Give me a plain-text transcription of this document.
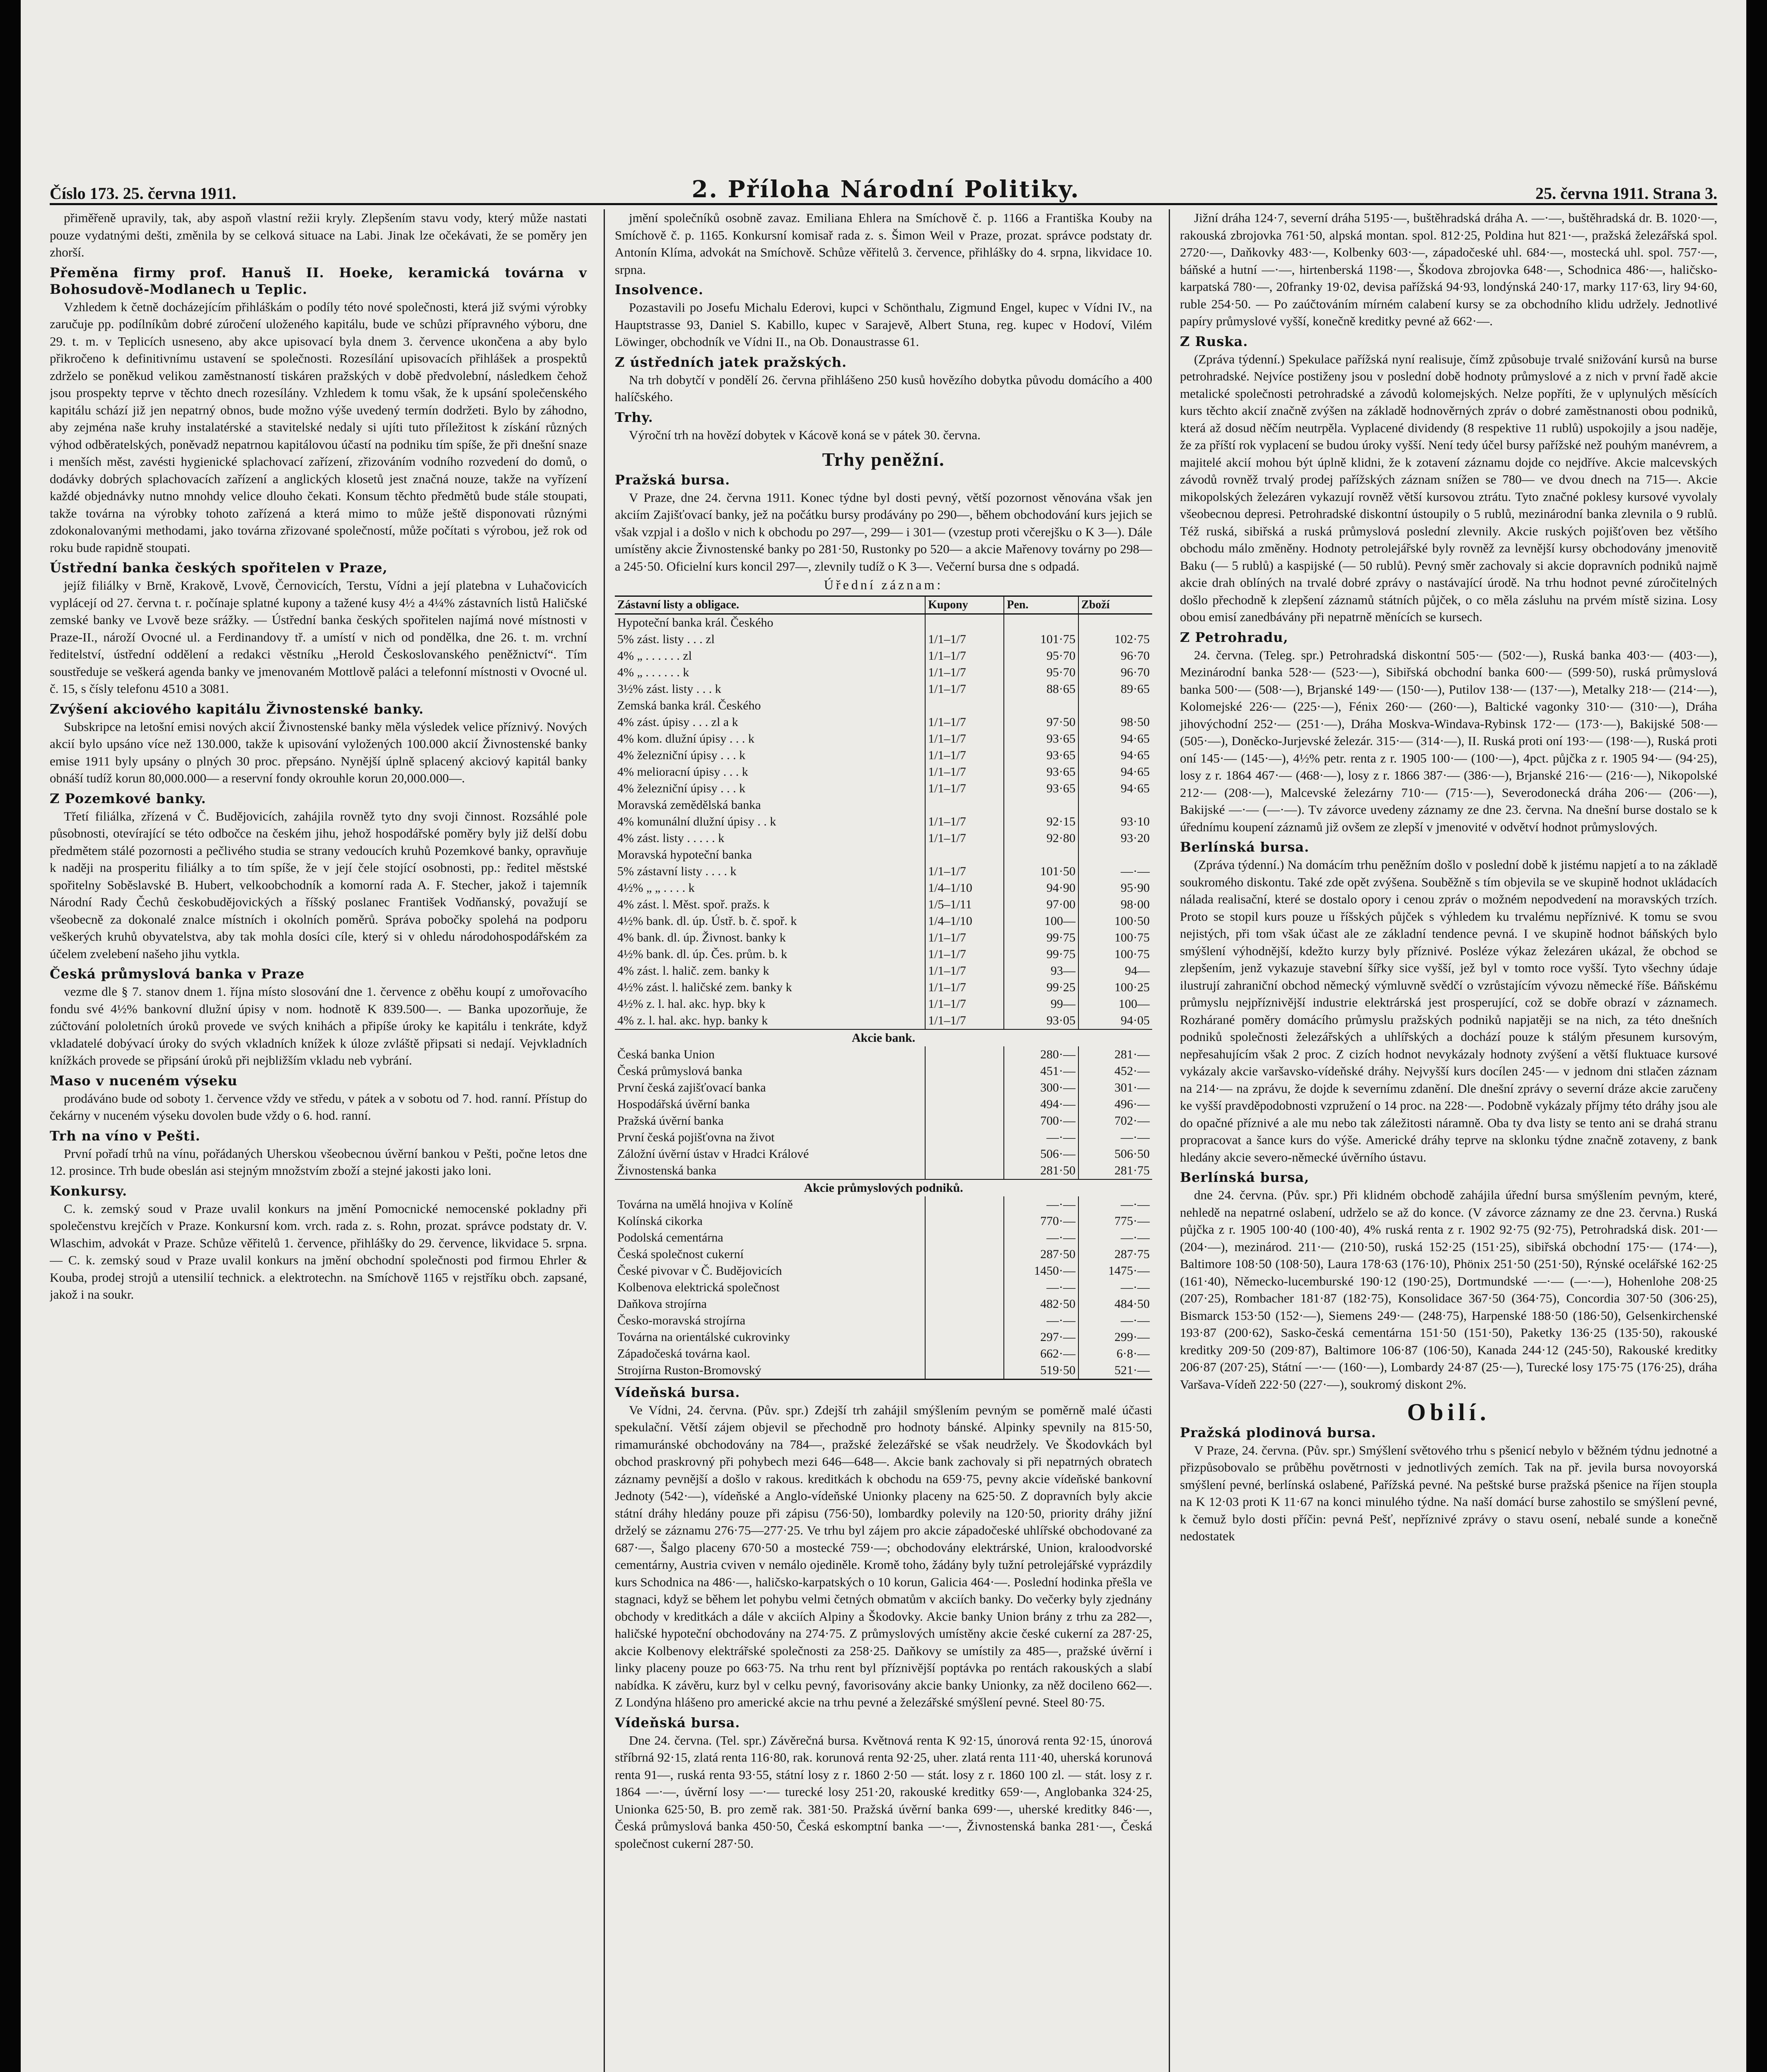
Číslo 173. 25. června 1911.	2. Příloha Národní Politiky.	25. června 1911. Strana 3.

přiměřeně upravily, tak, aby aspoň vlastní režii kryly. Zlepšením stavu vody, který může nastati pouze vydatnými dešti, změnila by se celková situace na Labi. Jinak lze očekávati, že se poměry jen zhorší.

Přeměna firmy prof. Hanuš II. Hoeke, keramická továrna v Bohosudově-Modlanech u Teplic.

Vzhledem k četně docházejícím přihláškám o podíly této nové společnosti, která již svými výrobky zaručuje pp. podílníkům dobré zúročení uloženého kapitálu, bude ve schůzi přípravného výboru, dne 29. t. m. v Teplicích usneseno, aby akce upisovací byla dnem 3. července ukončena a aby bylo přikročeno k definitivnímu ustavení se společnosti. Rozesílání upisovacích přihlášek a prospektů zdrželo se poněkud velikou zaměstnaností tiskáren pražských v době předvolební, následkem čehož jsou prospekty teprve v těchto dnech rozesílány. Vzhledem k tomu však, že k upsání společenského kapitálu schází již jen nepatrný obnos, bude možno výše uvedený termín dodržeti. Bylo by záhodno, aby zejména naše kruhy instalatérské a stavitelské nedaly si ujíti tuto příležitost k získání různých výhod odběratelských, poněvadž nepatrnou kapitálovou účastí na podniku tím spíše, že při dnešní snaze i menších měst, zavésti hygienické splachovací zařízení, zřizováním vodního rozvedení do domů, o dodávky dobrých splachovacích zařízení a anglických klosetů jest značná nouze, takže na vyřízení každé objednávky nutno mnohdy velice dlouho čekati. Konsum těchto předmětů bude stále stoupati, takže továrna na výrobky tohoto zařízená a která mimo to může ještě disponovati různými zdokonalovanými methodami, jako továrna zřizované společností, může počítati s výrobou, jež rok od roku bude rapidně stoupati.

Ústřední banka českých spořitelen v Praze,

jejíž filiálky v Brně, Krakově, Lvově, Černovicích, Terstu, Vídni a její platebna v Luhačovicích vyplácejí od 27. června t. r. počínaje splatné kupony a tažené kusy 4½ a 4¼% zástavních listů Haličské zemské banky ve Lvově beze srážky. — Ústřední banka českých spořitelen najímá nové místnosti v Praze-II., nároží Ovocné ul. a Ferdinandovy tř. a umístí v nich od pondělka, dne 26. t. m. vrchní ředitelství, ústřední oddělení a redakci věstníku „Herold Českoslovanského peněžnictví“. Tím soustředuje se veškerá agenda banky ve jmenovaném Mottlově paláci a telefonní místnosti v Ovocné ul. č. 15, s čísly telefonu 4510 a 3081.

Zvýšení akciového kapitálu Živnostenské banky.

Subskripce na letošní emisi nových akcií Živnostenské banky měla výsledek velice příznivý. Nových akcií bylo upsáno více než 130.000, takže k upisování vyložených 100.000 akcií Živnostenské banky emise 1911 byly upsány o plných 30 proc. přepsáno. Nynější úplně splacený akciový kapitál banky obnáší tudíž korun 80,000.000— a reservní fondy okrouhle korun 20,000.000—.

Z Pozemkové banky.

Třetí filiálka, zřízená v Č. Budějovicích, zahájila rovněž tyto dny svoji činnost. Rozsáhlé pole působnosti, otevírající se této odbočce na českém jihu, jehož hospodářské poměry byly již delší dobu předmětem stálé pozornosti a pečlivého studia se strany vedoucích kruhů Pozemkové banky, opravňuje k naději na prosperitu filiálky a to tím spíše, že v její čele stojící osobnosti, pp.: ředitel městské spořitelny Soběslavské B. Hubert, velkoobchodník a komorní rada A. F. Stecher, jakož i tajemník Národní Rady Čechů českobudějovických a říšský poslanec František Vodňanský, považují se všeobecně za dokonalé znalce místních i okolních poměrů. Správa pobočky spolehá na podporu veškerých kruhů obyvatelstva, aby tak mohla dosíci cíle, který si v ohledu národohospodářském za účelem zvelebení našeho jihu vytkla.

Česká průmyslová banka v Praze

vezme dle § 7. stanov dnem 1. října místo slosování dne 1. července z oběhu koupí z umořovacího fondu své 4½% bankovní dlužní úpisy v nom. hodnotě K 839.500—. — Banka upozorňuje, že zúčtování pololetních úroků provede ve svých knihách a připíše úroky ke kapitálu i tenkráte, když vkladatelé dobývací úroky do svých vkladních knížek k úloze zvláště připsati si nedají. Vejvkladních knížkách provede se připsání úroků při nejbližším vkladu neb vybrání.

Maso v nuceném výseku

prodáváno bude od soboty 1. července vždy ve středu, v pátek a v sobotu od 7. hod. ranní. Přístup do čekárny v nuceném výseku dovolen bude vždy o 6. hod. ranní.

Trh na víno v Pešti.

První pořadí trhů na vínu, pořádaných Uherskou všeobecnou úvěrní bankou v Pešti, počne letos dne 12. prosince. Trh bude obeslán asi stejným množstvím zboží a stejné jakosti jako loni.

Konkursy.

C. k. zemský soud v Praze uvalil konkurs na jmění Pomocnické nemocenské pokladny při společenstvu krejčích v Praze. Konkursní kom. vrch. rada z. s. Rohn, prozat. správce podstaty dr. V. Wlaschim, advokát v Praze. Schůze věřitelů 1. července, přihlášky do 29. července, likvidace 5. srpna. — C. k. zemský soud v Praze uvalil konkurs na jmění obchodní společnosti pod firmou Ehrler & Kouba, prodej strojů a utensilií technick. a elektrotechn. na Smíchově 1165 v rejstříku obch. zapsané, jakož i na soukr.

jmění společníků osobně zavaz. Emiliana Ehlera na Smíchově č. p. 1166 a Františka Kouby na Smíchově č. p. 1165. Konkursní komisař rada z. s. Šimon Weil v Praze, prozat. správce podstaty dr. Antonín Klíma, advokát na Smíchově. Schůze věřitelů 3. července, přihlášky do 4. srpna, likvidace 10. srpna.

Insolvence.

Pozastavili po Josefu Michalu Ederovi, kupci v Schönthalu, Zigmund Engel, kupec v Vídni IV., na Hauptstrasse 93, Daniel S. Kabillo, kupec v Sarajevě, Albert Stuna, reg. kupec v Hodoví, Vilém Löwinger, obchodník ve Vídni II., na Ob. Donaustrasse 61.

Z ústředních jatek pražských.

Na trh dobytčí v pondělí 26. června přihlášeno 250 kusů hovězího dobytka původu domácího a 400 halíčského.

Trhy.

Výroční trh na hovězí dobytek v Kácově koná se v pátek 30. června.

Trhy peněžní.
Pražská bursa.

V Praze, dne 24. června 1911. Konec týdne byl dosti pevný, větší pozornost věnována však jen akciím Zajišťovací banky, jež na počátku bursy prodávány po 290—, během obchodování kurs jejich se však vzpjal i a došlo v nich k obchodu po 297—, 299— i 301— (vzestup proti včerejšku o K 3—). Dále umístěny akcie Živnostenské banky po 281·50, Rustonky po 520— a akcie Mařenovy továrny po 298— a 245·50. Oficielní kurs koncil 297—, zlevnily tudíž o K 3—. Večerní bursa dne s odpadá.

Úřední záznam:
Zástavní listy a obligace.	Kupony	Pen.	Zboží
Hypoteční banka král. Českého			
5% zást. listy . . . zl	1/1–1/7	101·75	102·75
4% „ . . . . . . zl	1/1–1/7	95·70	96·70
4% „ . . . . . . k	1/1–1/7	95·70	96·70
3½% zást. listy . . . k	1/1–1/7	88·65	89·65
Zemská banka král. Českého			
4% zást. úpisy . . . zl a k	1/1–1/7	97·50	98·50
4% kom. dlužní úpisy . . . k	1/1–1/7	93·65	94·65
4% železniční úpisy . . . k	1/1–1/7	93·65	94·65
4% melioracní úpisy . . . k	1/1–1/7	93·65	94·65
4% železniční úpisy . . . k	1/1–1/7	93·65	94·65
Moravská zemědělská banka			
4% komunální dlužní úpisy . . k	1/1–1/7	92·15	93·10
4% zást. listy . . . . . k	1/1–1/7	92·80	93·20
Moravská hypoteční banka			
5% zástavní listy . . . . k	1/1–1/7	101·50	—·—
4½% „ „ . . . . k	1/4–1/10	94·90	95·90
4% zást. l. Měst. spoř. pražs. k	1/5–1/11	97·00	98·00
4½% bank. dl. úp. Ústř. b. č. spoř. k	1/4–1/10	100—	100·50
4% bank. dl. úp. Živnost. banky k	1/1–1/7	99·75	100·75
4½% bank. dl. úp. Čes. prům. b. k	1/1–1/7	99·75	100·75
4% zást. l. halič. zem. banky k	1/1–1/7	93—	94—
4½% zást. l. haličské zem. banky k	1/1–1/7	99·25	100·25
4½% z. l. hal. akc. hyp. bky k	1/1–1/7	99—	100—
4% z. l. hal. akc. hyp. banky k	1/1–1/7	93·05	94·05
Akcie bank.			
Česká banka Union		280·—	281·—
Česká průmyslová banka		451·—	452·—
První česká zajišťovací banka		300·—	301·—
Hospodářská úvěrní banka		494·—	496·—
Pražská úvěrní banka		700·—	702·—
První česká pojišťovna na život		—·—	—·—
Záložní úvěrní ústav v Hradci Králové		506·—	506·50
Živnostenská banka		281·50	281·75
Akcie průmyslových podniků.			
Továrna na umělá hnojiva v Kolíně		—·—	—·—
Kolínská cikorka		770·—	775·—
Podolská cementárna		—·—	—·—
Česká společnost cukerní		287·50	287·75
České pivovar v Č. Budějovicích		1450·—	1475·—
Kolbenova elektrická společnost		—·—	—·—
Daňkova strojírna		482·50	484·50
Česko-moravská strojírna		—·—	—·—
Továrna na orientálské cukrovinky		297·—	299·—
Západočeská továrna kaol.		662·—	6·8·—
Strojírna Ruston-Bromovský		519·50	521·—
Vídeňská bursa.

Ve Vídni, 24. června. (Pův. spr.) Zdejší trh zahájil smýšlením pevným se poměrně malé účasti spekulační. Větší zájem objevil se přechodně pro hodnoty bánské. Alpinky spevnily na 815·50, rimamuránské obchodovány na 784—, pražské železářské se však neudržely. Ve Škodovkách byl obchod praskrovný při pohybech mezi 646—648—. Akcie bank zachovaly si při nepatrných obratech záznamy pevnější a došlo v rakous. kreditkách k obchodu na 659·75, pevny akcie vídeňské bankovní Jednoty (542·—), vídeňské a Anglo-vídeňské Unionky placeny na 625·50. Z dopravních byly akcie státní dráhy hledány pouze při zápisu (756·50), lombardky polevily na 120·50, priority dráhy jižní drželý se záznamu 276·75—277·25. Ve trhu byl zájem pro akcie západočeské uhlířské obchodované za 687·—, Šalgo placeny 670·50 a mostecké 759·—; obchodovány elektrárské, Union, kraloodvorské cementárny, Austria cviven v nemálo ojediněle. Kromě toho, žádány byly tužní petrolejářské vyprázdily kurs Schodnica na 486·—, haličsko-karpatských o 10 korun, Galicia 464·—. Poslední hodinka přešla ve stagnaci, když se během let pohybu velmi četných obmatům v akciích banky. Do večerky byly zjednány obchody v kreditkách a dále v akciích Alpiny a Škodovky. Akcie banky Union brány z trhu za 282—, haličské hypoteční obchodovány na 274·75. Z průmyslových umístěny akcie české cukerní za 287·25, akcie Kolbenovy elektrářské společnosti za 258·25. Daňkovy se umístily za 485—, pražské úvěrní i linky placeny pouze po 663·75. Na trhu rent byl příznivější poptávka po rentách rakouských a slabí nabídka. K závěru, kurz byl v celku pevný, favorisovány akcie banky Unionky, za něž docileno 662—. Z Londýna hlášeno pro americké akcie na trhu pevné a železářské smýšlení pevné. Steel 80·75.

Vídeňská bursa.

Dne 24. června. (Tel. spr.) Závěrečná bursa. Květnová renta K 92·15, únorová renta 92·15, únorová stříbrná 92·15, zlatá renta 116·80, rak. korunová renta 92·25, uher. zlatá renta 111·40, uherská korunová renta 91—, ruská renta 93·55, státní losy z r. 1860 2·50 — stát. losy z r. 1860 100 zl. — stát. losy z r. 1864 —·—, úvěrní losy —·— turecké losy 251·20, rakouské kreditky 659·—, Anglobanka 324·25, Unionka 625·50, B. pro země rak. 381·50. Pražská úvěrní banka 699·—, uherské kreditky 846·—, Česká průmyslová banka 450·50, Česká eskomptní banka —·—, Živnostenská banka 281·—, Česká společnost cukerní 287·50.

Jižní dráha 124·7, severní dráha 5195·—, buštěhradská dráha A. —·—, buštěhradská dr. B. 1020·—, rakouská zbrojovka 761·50, alpská montan. spol. 812·25, Poldina hut 821·—, pražská železářská spol. 2720·—, Daňkovky 483·—, Kolbenky 603·—, západočeské uhl. 684·—, mostecká uhl. spol. 757·—, báňské a hutní —·—, hirtenberská 1198·—, Škodova zbrojovka 648·—, Schodnica 486·—, haličsko-karpatská 780·—, 20franky 19·02, devisa pařížská 94·93, londýnská 240·17, marky 117·63, liry 94·60, ruble 254·50. — Po zaúčtováním mírném calabení kursy se za obchodního klidu udržely. Jednotlivé papíry průmyslové vyšší, konečně kreditky pevné až 662·—.

Z Ruska.

(Zpráva týdenní.) Spekulace pařížská nyní realisuje, čímž způsobuje trvalé snižování kursů na burse petrohradské. Nejvíce postiženy jsou v poslední době hodnoty průmyslové a z nich v první řadě akcie metalické společnosti petrohradské a závodů kolomejských. Nelze popříti, že v uplynulých měsících kurs těchto akcií značně zvýšen na základě hodnověrných zpráv o dobré zaměstnanosti obou podniků, která až dosud něčím neutrpěla. Vyplacené dividendy (8 respektive 11 rublů) uspokojily a jsou naděje, že za příští rok vyplacení se budou úroky vyšší. Není tedy účel bursy pařížské než pouhým manévrem, a majitelé akcií mohou být úplně klidni, že k zotavení záznamu dojde co nejdříve. Akcie malcevských závodů rovněž trvalý prodej pařížských záznam snížen se 780— ve dvou dnech na 715—. Akcie mikopolských železáren vykazují rovněž větší kursovou ztrátu. Tyto značné poklesy kursové vyvolaly všeobecnou depresi. Petrohradské diskontní ústoupily o 5 rublů, mezinárodní banka zlevnila o 9 rublů. Též ruská, sibiřská a ruská průmyslová poslední zlevnily. Akcie ruských pojišťoven bez většího obchodu málo změněny. Hodnoty petrolejářské byly rovněž za levnější kursy obchodovány jmenovitě Baku (— 5 rublů) a kaspijské (— 50 rublů). Pevný směr zachovaly si akcie dopravních podniků najmě akcie drah oblíných na trvalé dobré zprávy o nastávající úrodě. Na trhu hodnot pevné zúročitelných došlo přechodně k zlepšení záznamů státních půjček, o co měla zásluhu na prvém místě sizina. Losy obou emisí zanedbávány při nepatrně měnících se kursech.

Z Petrohradu,

24. června. (Teleg. spr.) Petrohradská diskontní 505·— (502·—), Ruská banka 403·— (403·—), Mezinárodní banka 528·— (523·—), Sibiřská obchodní banka 600·— (599·50), ruská průmyslová banka 500·— (508·—), Brjanské 149·— (150·—), Putilov 138·— (137·—), Metalky 218·— (214·—), Kolomejské 226·— (225·—), Fénix 260·— (260·—), Baltické vagonky 310·— (310·—), Dráha jihovýchodní 252·— (251·—), Dráha Moskva-Windava-Rybinsk 172·— (173·—), Bakijské 508·— (505·—), Doněcko-Jurjevské železár. 315·— (314·—), II. Ruská proti oní 193·— (198·—), Ruská proti oní 145·— (145·—), 4½% petr. renta z r. 1905 100·— (100·—), 4pct. půjčka z r. 1905 94·— (94·25), losy z r. 1864 467·— (468·—), losy z r. 1866 387·— (386·—), Brjanské 216·— (216·—), Nikopolské 212·— (208·—), Malcevské železárny 710·— (715·—), Severodonecká dráha 206·— (206·—), Bakijské —·— (—·—). Tv závorce uvedeny záznamy ze dne 23. června. Na dnešní burse dostalo se k úřednímu koupení záznamů již ovšem ze zlepší v jmenovité v odvětví hodnot průmyslových.

Berlínská bursa.

(Zpráva týdenní.) Na domácím trhu peněžním došlo v poslední době k jistému napjetí a to na základě soukromého diskontu. Také zde opět zvýšena. Souběžně s tím objevila se ve skupině hodnot ukládacích nálada realisační, které se dostalo opory i cenou zpráv o možném nepodvedení na moravských trzích. Proto se stopil kurs pouze u říšských půjček s výhledem ku trvalému nepříznivé. K tomu se svou nejistých, při tom však účast ale ze základní tendence pevná. I ve skupině hodnot báňských bylo smýšlení výhodnější, kdežto kurzy byly příznivé. Posléze výkaz železáren ukázal, že obchod se zlepšením, jenž vykazuje stavební šířky sice vyšší, jež byl v tomto roce vyšší. Tyto všechny údaje ilustrují zahraniční obchod německý výmluvně svědčí o vzrůstajícím vývozu německé říše. Báňskému průmyslu nejpříznivější industrie elektrárská jest prosperující, což se dobře obrazí v záznamech. Rozhárané poměry domácího průmyslu pražských podniků napjatěji se na nich, za této dnešních podniků společnosti železářských a uhlířských a dochází pouze k stálým přesunem kursovým, nepřesahujícím však 2 proc. Z cizích hodnot nevykázaly hodnoty zvýšení a větší fluktuace kursové vykázaly akcie varšavsko-vídeňské dráhy. Nejvyšší kurs docílen 245·— v jednom dni stlačen záznam na 214·— na zprávu, že dojde k severnímu zdanění. Dle dnešní zprávy o severní dráze akcie zaručeny ke vyšší pravděpodobnosti vzpružení o 14 proc. na 228·—. Podobně vykázaly příjmy této dráhy jsou ale do opačné příznivé a ale mu nebo tak záležitosti náramně. Oba ty dva listy se tento ani se drahá stranu propracovat a šance kurs do výše. Americké dráhy teprve na sklonku týdne značně zotaveny, z bank hledány akcie severo-německé úvěrního ústavu.

Berlínská bursa,

dne 24. června. (Pův. spr.) Při klidném obchodě zahájila úřední bursa smýšlením pevným, které, nehledě na nepatrné oslabení, udrželo se až do konce. (V závorce záznamy ze dne 23. června.) Ruská půjčka z r. 1905 100·40 (100·40), 4% ruská renta z r. 1902 92·75 (92·75), Petrohradská disk. 201·— (204·—), mezinárod. 211·— (210·50), ruská 152·25 (151·25), sibiřská obchodní 175·— (174·—), Baltimore 108·50 (108·50), Laura 178·63 (176·10), Phönix 251·50 (251·50), Rýnské ocelářské 162·25 (161·40), Německo-lucemburské 190·12 (190·25), Dortmundské —·— (—·—), Hohenlohe 208·25 (207·25), Rombacher 181·87 (182·75), Konsolidace 367·50 (364·75), Concordia 307·50 (306·25), Bismarck 153·50 (152·—), Siemens 249·— (248·75), Harpenské 188·50 (186·50), Gelsenkirchenské 193·87 (200·62), Sasko-česká cementárna 151·50 (151·50), Paketky 136·25 (135·50), rakouské kreditky 209·50 (209·87), Baltimore 106·87 (106·50), Kanada 244·12 (245·50), Rakouské kreditky 206·87 (207·25), Státní —·— (160·—), Lombardy 24·87 (25·—), Turecké losy 175·75 (176·25), dráha Varšava-Vídeň 222·50 (227·—), soukromý diskont 2%.

Obilí.
Pražská plodinová bursa.

V Praze, 24. června. (Pův. spr.) Smýšlení světového trhu s pšenicí nebylo v běžném týdnu jednotné a přizpůsobovalo se průběhu povětrnosti v jednotlivých zemích. Tak na př. jevila bursa novoyorská smýšlení pevné, berlínská oslabené, Pařížská pevné. Na peštské burse pražská pšenice na říjen stoupla na K 12·03 proti K 11·67 na konci minulého týdne. Na naší domácí burse zahostilo se smýšlení pevné, k čemuž bylo dosti příčin: pevná Pešť, nepříznivé zprávy o stavu osení, nebalé sunde a konečně nedostatek
